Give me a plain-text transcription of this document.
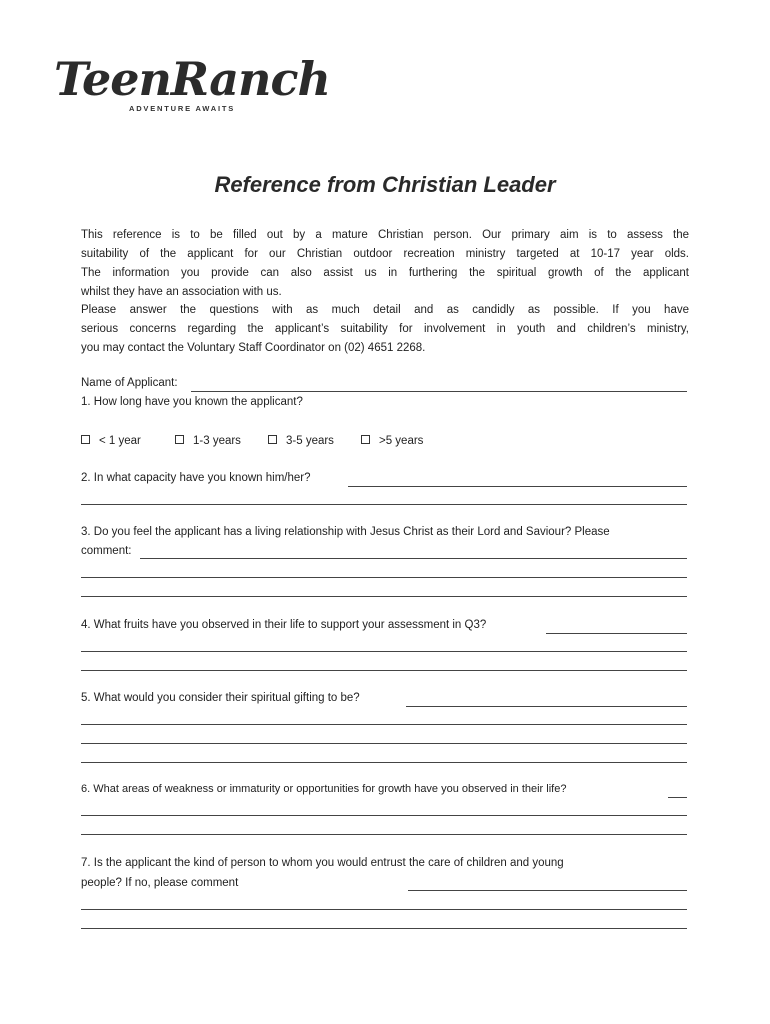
TeenRanch
ADVENTURE AWAITS
Reference from Christian Leader
This reference is to be filled out by a mature Christian person. Our primary aim is to assess the
suitability of the applicant for our Christian outdoor recreation ministry targeted at 10-17 year olds.
The information you provide can also assist us in furthering the spiritual growth of the applicant
whilst they have an association with us.
Please answer the questions with as much detail and as candidly as possible. If you have
serious concerns regarding the applicant’s suitability for involvement in youth and children’s ministry,
you may contact the Voluntary Staff Coordinator on (02) 4651 2268.
Name of Applicant:
1. How long have you known the applicant?
< 1 year	1-3 years	3-5 years	>5 years
2. In what capacity have you known him/her?
3. Do you feel the applicant has a living relationship with Jesus Christ as their Lord and Saviour? Please
comment:
4. What fruits have you observed in their life to support your assessment in Q3?
5. What would you consider their spiritual gifting to be?
6. What areas of weakness or immaturity or opportunities for growth have you observed in their life?
7. Is the applicant the kind of person to whom you would entrust the care of children and young
people? If no, please comment
